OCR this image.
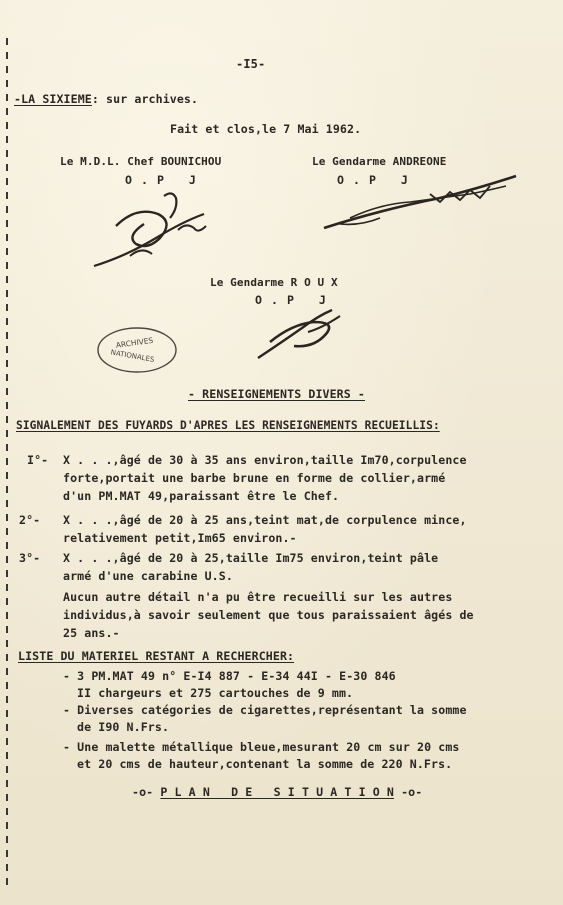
-I5-
-LA SIXIEME: sur archives.
Fait et clos,le 7 Mai 1962.
Le M.D.L. Chef BOUNICHOU
O.P J
Le Gendarme ANDREONE
O.P J
Le Gendarme R O U X
O.P J
ARCHIVES
NATIONALES
- RENSEIGNEMENTS DIVERS -
SIGNALEMENT DES FUYARDS D'APRES LES RENSEIGNEMENTS RECUEILLIS:
I°- X . . .,âgé de 30 à 35 ans environ,taille Im70,corpulence
forte,portait une barbe brune en forme de collier,armé
d'un PM.MAT 49,paraissant être le Chef.
2°- X . . .,âgé de 20 à 25 ans,teint mat,de corpulence mince,
relativement petit,Im65 environ.-
3°- X . . .,âgé de 20 à 25,taille Im75 environ,teint pâle
armé d'une carabine U.S.
Aucun autre détail n'a pu être recueilli sur les autres
individus,à savoir seulement que tous paraissaient âgés de
25 ans.-
LISTE DU MATERIEL RESTANT A RECHERCHER:
- 3 PM.MAT 49 n° E-I4 887 - E-34 44I - E-30 846
II chargeurs et 275 cartouches de 9 mm.
- Diverses catégories de cigarettes,représentant la somme
de I90 N.Frs.
- Une malette métallique bleue,mesurant 20 cm sur 20 cms
et 20 cms de hauteur,contenant la somme de 220 N.Frs.
-o- P L A N   D E   S I T U A T I O N -o-
